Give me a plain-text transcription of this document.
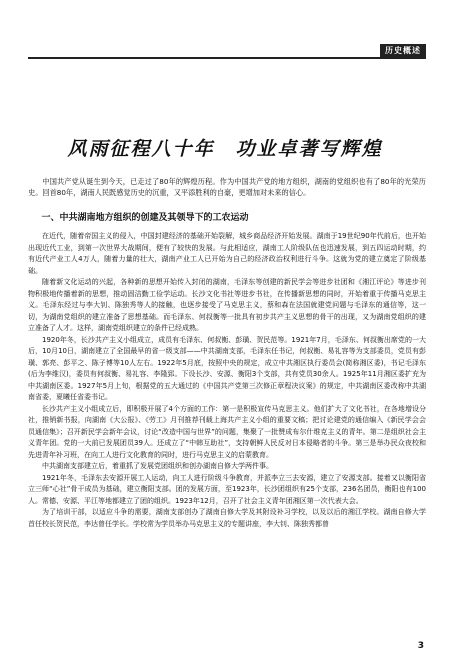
历史概述
风雨征程八十年　功业卓著写辉煌

中国共产党从诞生到今天，已走过了80年的辉煌历程。作为中国共产党的地方组织，湖南的党组织也有了80年的光荣历史。回首80年，湖南人民既感觉历史的沉重，又平添胜利的自豪，更增加对未来的信心。

一、中共湖南地方组织的创建及其领导下的工农运动

在近代，随着帝国主义的侵入，中国封建经济的基础开始裂解，城乡商品经济开始发展。湖南于19世纪90年代前后，也开始出现近代工业，到第一次世界大战期间，便有了较快的发展。与此相适应，湖南工人阶级队伍也迅速发展，到五四运动时期，约有近代产业工人4万人，随着力量的壮大，湖南产业工人已开始为自己的经济政治权利进行斗争。这就为党的建立奠定了阶级基础。

随着新文化运动的兴起，各种新的思想开始传入封闭的湖南，毛泽东等创建的新民学会等进步社团和《湘江评论》等进步刊物积极地传播着新的思想，推动固洁勤工俭学运动。长沙文化书社等进步书社，在传播新思想的同时，开始着重于传播马克思主义。毛泽东经过与李大钊、陈独秀等人的接触，也逐步接受了马克思主义，蔡和森在法国就建党问题与毛泽东的通信等，这一切，为湖南党组织的建立准备了思想基础。而毛泽东、何叔衡等一批具有初步共产主义思想的骨干的出现，又为湖南党组织的建立准备了人才。这样，湖南党组织建立的条件已经成熟。

1920年冬，长沙共产主义小组成立，成员有毛泽东、何叔衡、彭璜、贺民范等。1921年7月，毛泽东、何叔衡出席党的一大后，10月10日，湖南建立了全国最早的省一级支部——中共湖南支部，毛泽东任书记，何叔衡、易礼容等为支部委员，党员有彭璜、郭亮、彭平之、陈子博等10人左右。1922年5月底，按照中央的规定，成立中共湘区执行委员会(简称湘区委)，书记毛泽东(后为李维汉)，委员有何叔衡、易礼容、李隆郅。下设长沙、安源、衡阳3个支部，共有党员30余人。1925年11月湘区委扩充为中共湖南区委。1927年5月上旬，根据党的五大通过的《中国共产党第三次修正章程决议案》的规定，中共湖南区委改称中共湖南省委，夏曦任省委书记。

长沙共产主义小组成立后，即积极开展了4个方面的工作：第一是积极宣传马克思主义。他们扩大了文化书社，在各地增设分社，推销新书报，向湖南《大公报》、《劳工》月刊推荐刊载上海共产主义小组的重要文稿；把讨论建党的通信编入《新民学会会员通信集》；召开新民学会新年会议，讨论“改造中国与世界”的问题，集聚了一批赞成布尔什维克主义的青年。第二是组织社会主义青年团。党的一大前已发展团员39人。还成立了“中韩互助社”，支持朝鲜人民反对日本侵略者的斗争。第三是举办民众夜校和先进青年补习班，在向工人进行文化教育的同时，进行马克思主义的启蒙教育。

中共湖南支部建立后，着重抓了发展党团组织和创办湖南自修大学两件事。

1921年冬，毛泽东去安源开展工人运动，向工人进行阶级斗争教育，并派李立三去安源，建立了安源支部。接着又以衡阳省立三师“心社”骨干成员为基础，建立衡阳支部。团的发展方面，至1923年，长沙团组织有25个支部，236名团员，衡阳也有100人。常德、安源、平江等地都建立了团的组织。1923年12月，召开了社会主义青年团湘区第一次代表大会。

为了培训干部，以适应斗争的需要，湖南支部创办了湖南自修大学及其附设补习学校，以及以后的湘江学校。湖南自修大学首任校长贺民范，李达曾任学长。学校常为学员举办马克思主义的专题讲座，李大钊、陈独秀都曾

3
